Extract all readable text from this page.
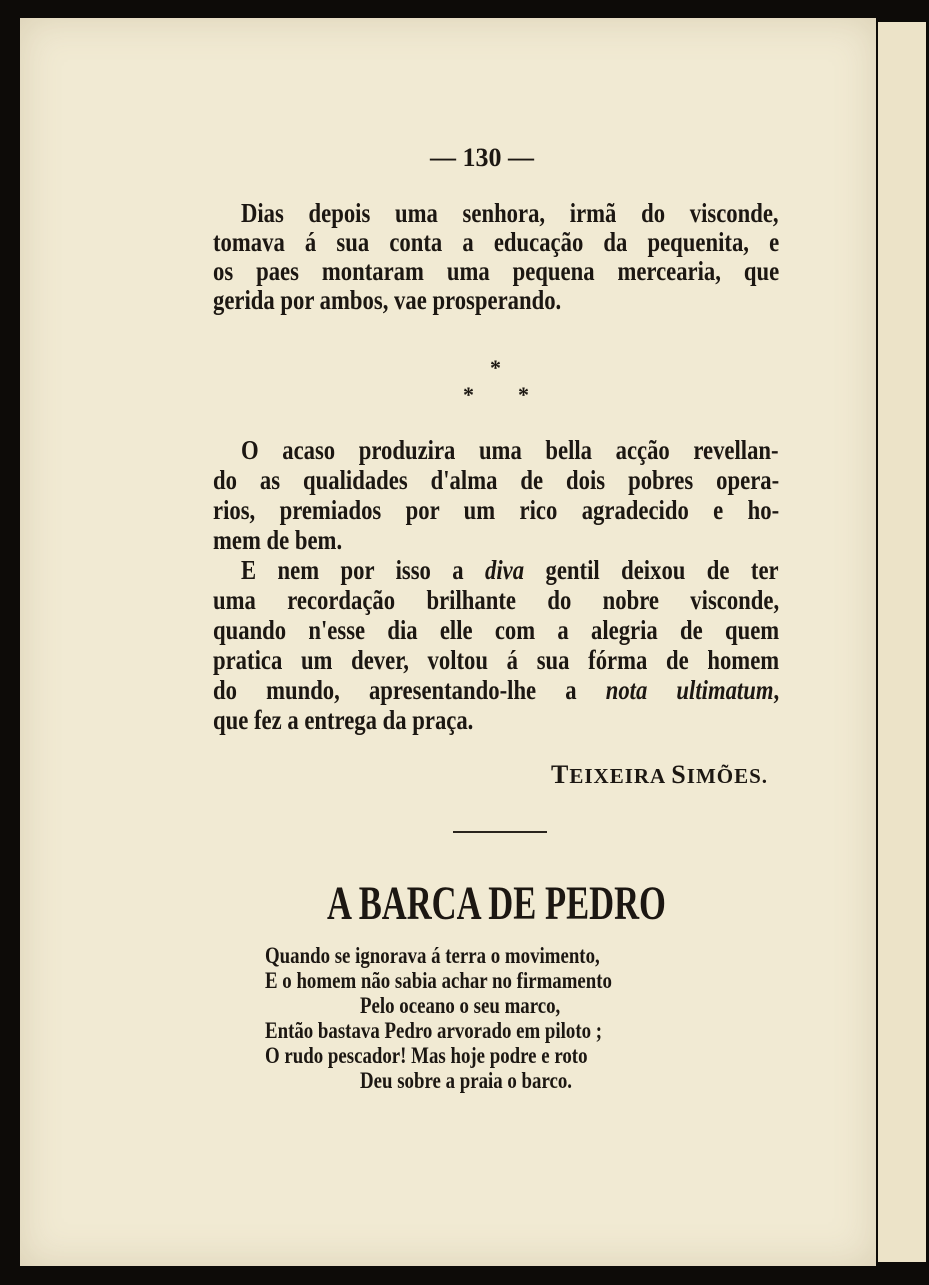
— 130 —
Dias depois uma senhora, irmã do visconde,
tomava á sua conta a educação da pequenita, e
os paes montaram uma pequena mercearia, que
gerida por ambos, vae prosperando.
*
* *
O acaso produzira uma bella acção revellan-
do as qualidades d'alma de dois pobres opera-
rios, premiados por um rico agradecido e ho-
mem de bem.
E nem por isso a diva gentil deixou de ter
uma recordação brilhante do nobre visconde,
quando n'esse dia elle com a alegria de quem
pratica um dever, voltou á sua fórma de homem
do mundo, apresentando-lhe a nota ultimatum,
que fez a entrega da praça.
TEIXEIRA SIMÕES.
A BARCA DE PEDRO
Quando se ignorava á terra o movimento,
E o homem não sabia achar no firmamento
Pelo oceano o seu marco,
Então bastava Pedro arvorado em piloto ;
O rudo pescador! Mas hoje podre e roto
Deu sobre a praia o barco.
